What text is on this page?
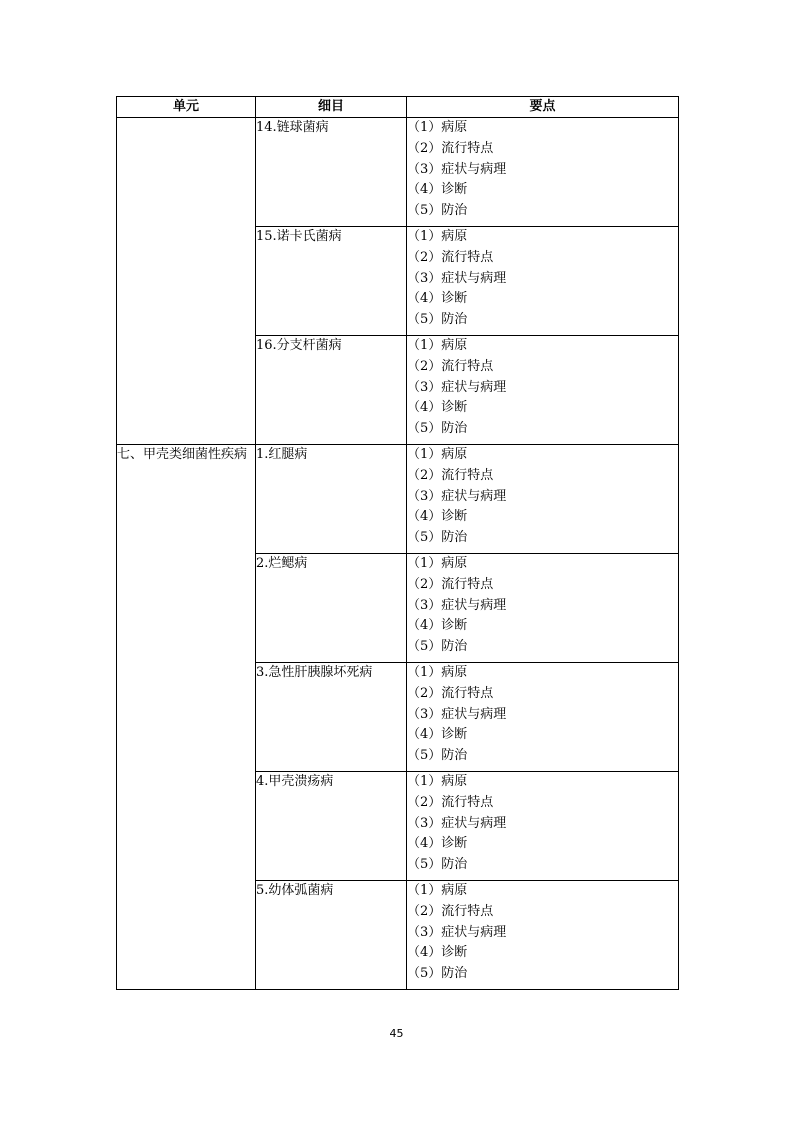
单元	细目	要点
	14.链球菌病	（1）病原
（2）流行特点
（3）症状与病理
（4）诊断
（5）防治

	15.诺卡氏菌病	（1）病原
（2）流行特点
（3）症状与病理
（4）诊断
（5）防治

	16.分支杆菌病	（1）病原
（2）流行特点
（3）症状与病理
（4）诊断
（5）防治

七、甲壳类细菌性疾病	1.红腿病	（1）病原
（2）流行特点
（3）症状与病理
（4）诊断
（5）防治

	2.烂鳃病	（1）病原
（2）流行特点
（3）症状与病理
（4）诊断
（5）防治

	3.急性肝胰腺坏死病	（1）病原
（2）流行特点
（3）症状与病理
（4）诊断
（5）防治

	4.甲壳溃疡病	（1）病原
（2）流行特点
（3）症状与病理
（4）诊断
（5）防治

	5.幼体弧菌病	（1）病原
（2）流行特点
（3）症状与病理
（4）诊断
（5）防治
45
